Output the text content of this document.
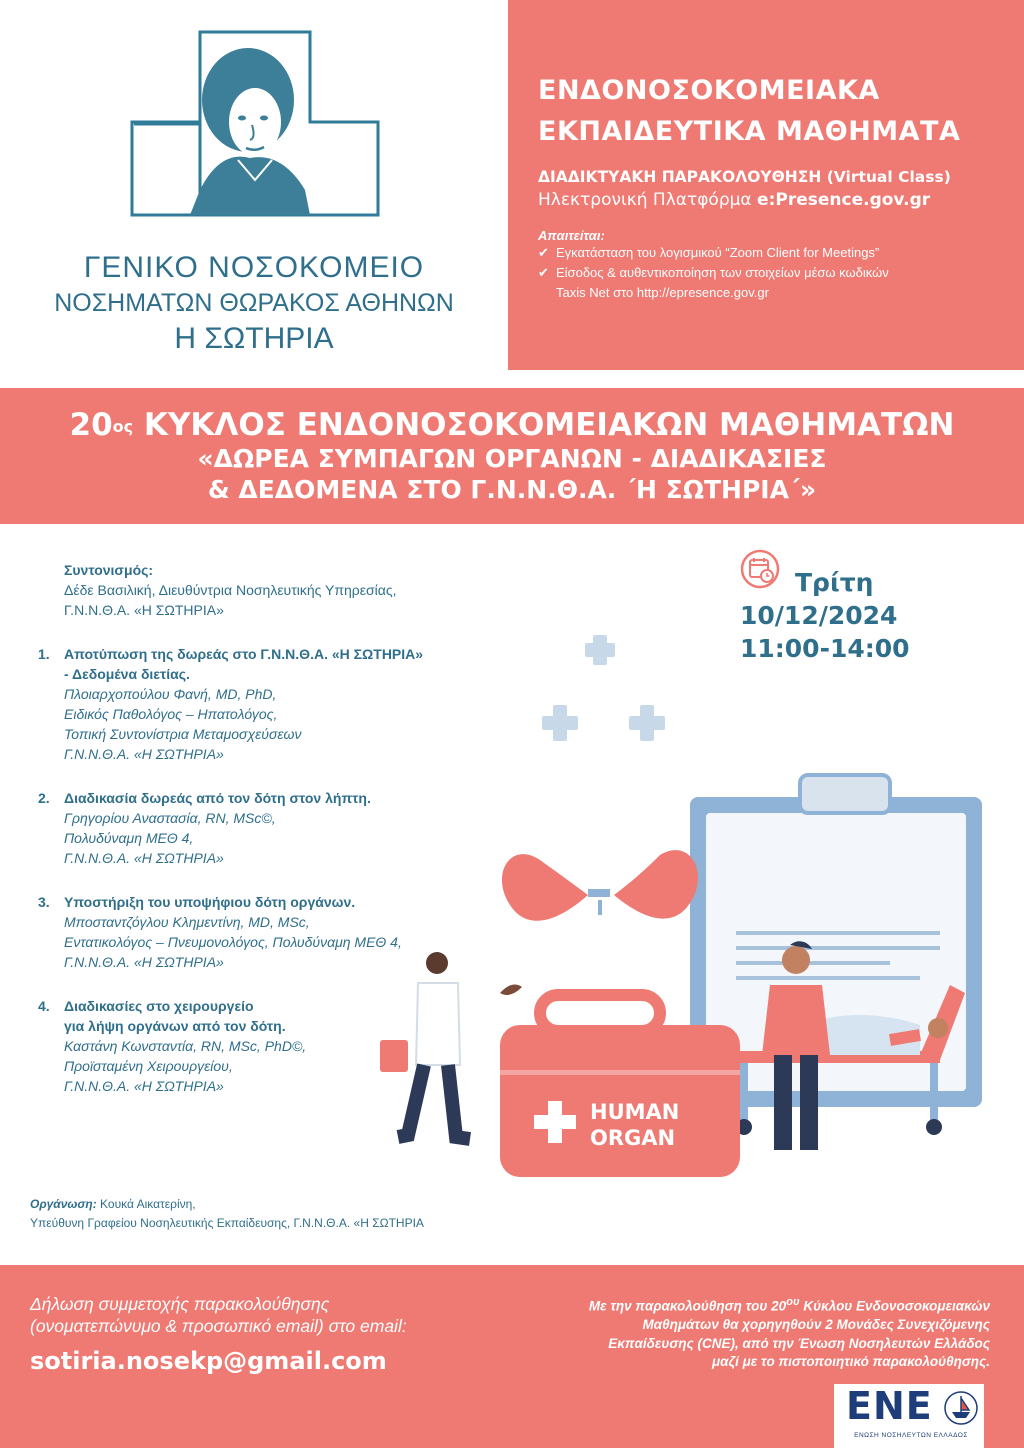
ΓΕΝΙΚΟ ΝΟΣΟΚΟΜΕΙΟ
ΝΟΣΗΜΑΤΩΝ ΘΩΡΑΚΟΣ ΑΘΗΝΩΝ
Η ΣΩΤΗΡΙΑ
ΕΝΔΟΝΟΣΟΚΟΜΕΙΑΚΑ
ΕΚΠΑΙΔΕΥΤΙΚΑ ΜΑΘΗΜΑΤΑ
ΔΙΑΔΙΚΤΥΑΚΗ ΠΑΡΑΚΟΛΟΥΘΗΣΗ (Virtual Class)
Ηλεκτρονική Πλατφόρμα e:Presence.gov.gr
Απαιτείται:
✔ Εγκατάσταση του λογισμικού “Zoom Client for Meetings”
✔ Είσοδος & αυθεντικοποίηση των στοιχείων μέσω κωδικών
Taxis Net στο http://epresence.gov.gr
$20^{o\varsigma}$ ΚΥΚΛΟΣ ΕΝΔΟΝΟΣΟΚΟΜΕΙΑΚΩΝ ΜΑΘΗΜΑΤΩΝ
«ΔΩΡΕΑ ΣΥΜΠΑΓΩΝ ΟΡΓΑΝΩΝ - ΔΙΑΔΙΚΑΣΙΕΣ
& ΔΕΔΟΜΕΝΑ ΣΤΟ Γ.Ν.Ν.Θ.Α. ΄Η ΣΩΤΗΡΙΑ΄»
Συντονισμός:
Δέδε Βασιλική, Διευθύντρια Νοσηλευτικής Υπηρεσίας,
Γ.Ν.Ν.Θ.Α. «Η ΣΩΤΗΡΙΑ»
1.	Αποτύπωση της δωρεάς στο Γ.Ν.Ν.Θ.Α. «Η ΣΩΤΗΡΙΑ»
- Δεδομένα διετίας.
Πλοιαρχοπούλου Φανή, MD, PhD,
Ειδικός Παθολόγος – Ηπατολόγος,
Τοπική Συντονίστρια Μεταμοσχεύσεων
Γ.Ν.Ν.Θ.Α. «Η ΣΩΤΗΡΙΑ»
2.	Διαδικασία δωρεάς από τον δότη στον λήπτη.
Γρηγορίου Αναστασία, RN, MSc©,
Πολυδύναμη ΜΕΘ 4,
Γ.Ν.Ν.Θ.Α. «Η ΣΩΤΗΡΙΑ»
3.	Υποστήριξη του υποψήφιου δότη οργάνων.
Μποσταντζόγλου Κλημεντίνη, MD, MSc,
Εντατικολόγος – Πνευμονολόγος, Πολυδύναμη ΜΕΘ 4,
Γ.Ν.Ν.Θ.Α. «Η ΣΩΤΗΡΙΑ»
4.	Διαδικασίες στο χειρουργείο
για λήψη οργάνων από τον δότη.
Καστάνη Κωνσταντία, RN, MSc, PhD©,
Προϊσταμένη Χειρουργείου,
Γ.Ν.Ν.Θ.Α. «Η ΣΩΤΗΡΙΑ»
Τρίτη
10/12/2024
11:00-14:00
HUMAN
ORGAN
Οργάνωση: Κουκά Αικατερίνη,
Υπεύθυνη Γραφείου Νοσηλευτικής Εκπαίδευσης, Γ.Ν.Ν.Θ.Α. «Η ΣΩΤΗΡΙΑ
Δήλωση συμμετοχής παρακολούθησης
(ονοματεπώνυμο & προσωπικό email) στο email:
sotiria.nosekp@gmail.com
Με την παρακολούθηση του $20^{o\upsilon}$ Κύκλου Ενδονοσοκομειακών
Μαθημάτων θα χορηγηθούν 2 Μονάδες Συνεχιζόμενης
Εκπαίδευσης (CNE), από την Ένωση Νοσηλευτών Ελλάδος
μαζί με το πιστοποιητικό παρακολούθησης.
ΕΝΕ
ΕΝΩΣΗ ΝΟΣΗΛΕΥΤΩΝ ΕΛΛΑΔΟΣ
